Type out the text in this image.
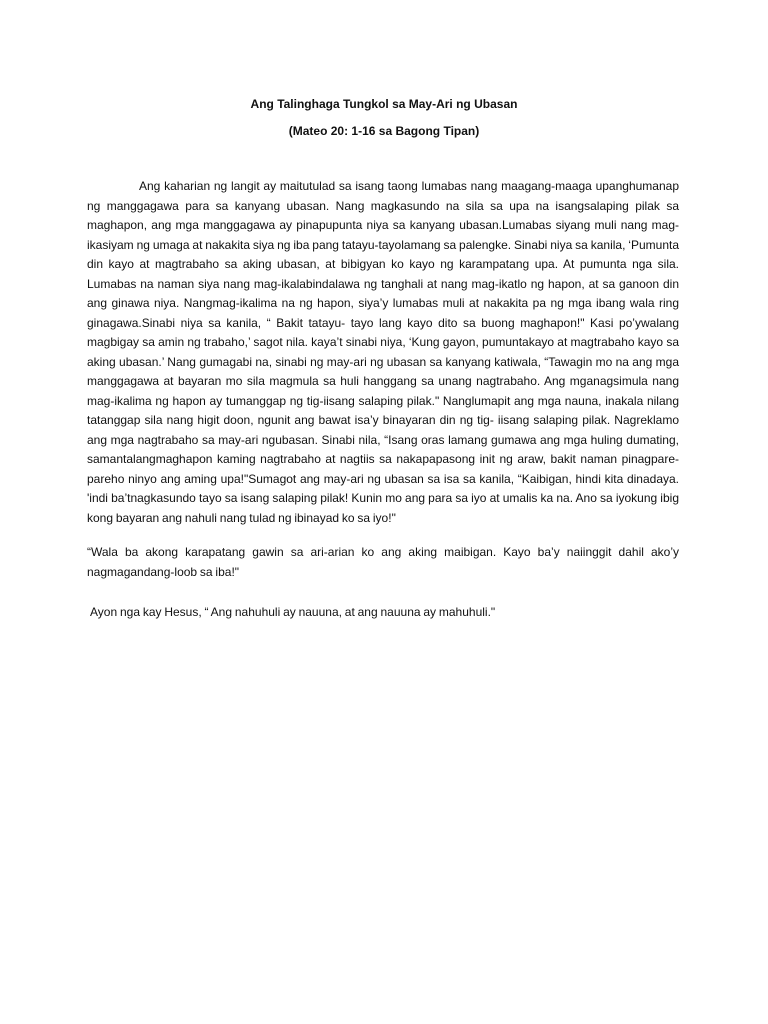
Ang Talinghaga Tungkol sa May-Ari ng Ubasan
(Mateo 20: 1-16 sa Bagong Tipan)

Ang kaharian ng langit ay maitutulad sa isang taong lumabas nang maagang-maaga upanghumanap ng manggagawa para sa kanyang ubasan. Nang magkasundo na sila sa upa na isangsalaping pilak sa maghapon, ang mga manggagawa ay pinapupunta niya sa kanyang ubasan.Lumabas siyang muli nang mag- ikasiyam ng umaga at nakakita siya ng iba pang tatayu-tayolamang sa palengke. Sinabi niya sa kanila, ‘Pumunta din kayo at magtrabaho sa aking ubasan, at bibigyan ko kayo ng karampatang upa. At pumunta nga sila. Lumabas na naman siya nang mag-ikalabindalawa ng tanghali at nang mag-ikatlo ng hapon, at sa ganoon din ang ginawa niya. Nangmag-ikalima na ng hapon, siya’y lumabas muli at nakakita pa ng mga ibang wala ring ginagawa.Sinabi niya sa kanila, “ Bakit tatayu- tayo lang kayo dito sa buong maghapon!" Kasi po’ywalang magbigay sa amin ng trabaho,’ sagot nila. kaya’t sinabi niya, ‘Kung gayon, pumuntakayo at magtrabaho kayo sa aking ubasan.’ Nang gumagabi na, sinabi ng may-ari ng ubasan sa kanyang katiwala, “Tawagin mo na ang mga manggagawa at bayaran mo sila magmula sa huli hanggang sa unang nagtrabaho. Ang mganagsimula nang mag-ikalima ng hapon ay tumanggap ng tig-iisang salaping pilak." Nanglumapit ang mga nauna, inakala nilang tatanggap sila nang higit doon, ngunit ang bawat isa’y binayaran din ng tig- iisang salaping pilak. Nagreklamo ang mga nagtrabaho sa may-ari ngubasan. Sinabi nila, “Isang oras lamang gumawa ang mga huling dumating, samantalangmaghapon kaming nagtrabaho at nagtiis sa nakapapasong init ng araw, bakit naman pinagpare- pareho ninyo ang aming upa!"Sumagot ang may-ari ng ubasan sa isa sa kanila, “Kaibigan, hindi kita dinadaya. 'indi ba’tnagkasundo tayo sa isang salaping pilak! Kunin mo ang para sa iyo at umalis ka na. Ano sa iyokung ibig kong bayaran ang nahuli nang tulad ng ibinayad ko sa iyo!"

“Wala ba akong karapatang gawin sa ari-arian ko ang aking maibigan. Kayo ba’y naiinggit dahil ako’y nagmagandang-loob sa iba!"

Ayon nga kay Hesus, “ Ang nahuhuli ay nauuna, at ang nauuna ay mahuhuli."
